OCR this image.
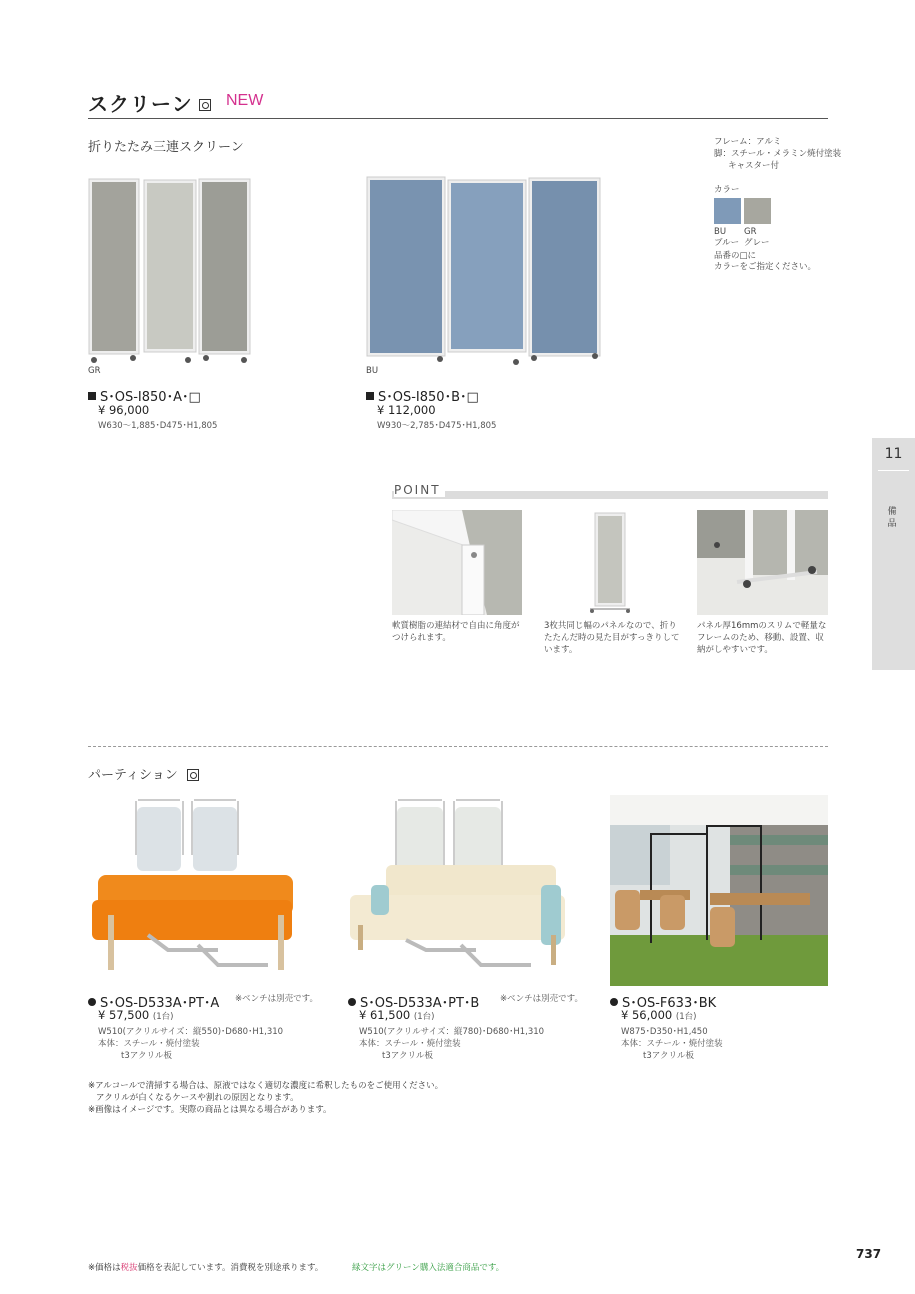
スクリーン NEW
折りたたみ三連スクリーン
GR	BU
フレーム：アルミ
脚：スチール・メラミン焼付塗装
キャスター付
カラー
BU GR
ブルー グレー
品番の□に
カラーをご指定ください。
S･OS-I850･A･□
¥ 96,000
W630〜1,885･D475･H1,805
S･OS-I850･B･□
¥ 112,000
W930〜2,785･D475･H1,805
POINT
軟質樹脂の連結材で自由に角度がつけられます。
3枚共同じ幅のパネルなので、折りたたんだ時の見た目がすっきりしています。
パネル厚16mmのスリムで軽量なフレームのため、移動、設置、収納がしやすいです。
11
備品
パーティション
S･OS-D533A･PT･A ※ベンチは別売です。
¥ 57,500 (1台)
W510(アクリルサイズ：縦550)･D680･H1,310
本体：スチール・焼付塗装
t3アクリル板
S･OS-D533A･PT･B ※ベンチは別売です。
¥ 61,500 (1台)
W510(アクリルサイズ：縦780)･D680･H1,310
本体：スチール・焼付塗装
t3アクリル板
S･OS-F633･BK
¥ 56,000 (1台)
W875･D350･H1,450
本体：スチール・焼付塗装
t3アクリル板
※アルコールで清掃する場合は、原液ではなく適切な濃度に希釈したものをご使用ください。
アクリルが白くなるケースや割れの原因となります。
※画像はイメージです。実際の商品とは異なる場合があります。
※価格は税抜価格を表記しています。消費税を別途承ります。	緑文字はグリーン購入法適合商品です。
737
